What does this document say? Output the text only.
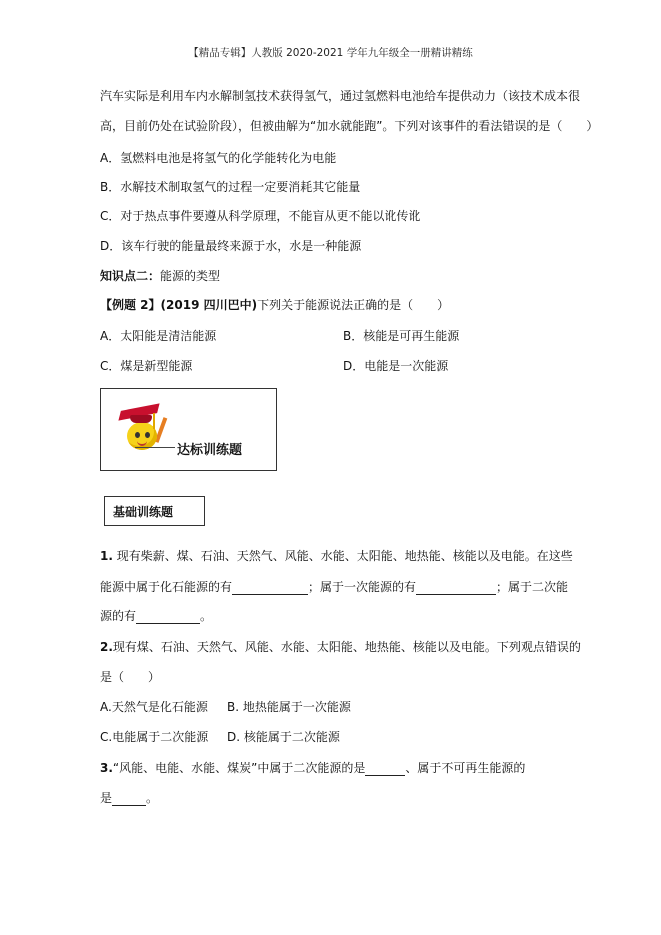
【精品专辑】人教版 2020-2021 学年九年级全一册精讲精练
汽车实际是利用车内水解制氢技术获得氢气，通过氢燃料电池给车提供动力（该技术成本很
高，目前仍处在试验阶段），但被曲解为“加水就能跑”。下列对该事件的看法错误的是（　　）
A．氢燃料电池是将氢气的化学能转化为电能
B．水解技术制取氢气的过程一定要消耗其它能量
C．对于热点事件要遵从科学原理，不能盲从更不能以讹传讹
D．该车行驶的能量最终来源于水，水是一种能源
知识点二：能源的类型
【例题 2】(2019 四川巴中)下列关于能源说法正确的是（　　）
A．太阳能是清洁能源	B．核能是可再生能源
C．煤是新型能源	D．电能是一次能源
达标训练题
基础训练题
1. 现有柴薪、煤、石油、天然气、风能、水能、太阳能、地热能、核能以及电能。在这些
能源中属于化石能源的有	；属于一次能源的有	；属于二次能
源的有	。
2.现有煤、石油、天然气、风能、水能、太阳能、地热能、核能以及电能。下列观点错误的
是（　　）
A.天然气是化石能源 B. 地热能属于一次能源
C.电能属于二次能源 D. 核能属于二次能源
3.“风能、电能、水能、煤炭”中属于二次能源的是	、属于不可再生能源的
是	。
